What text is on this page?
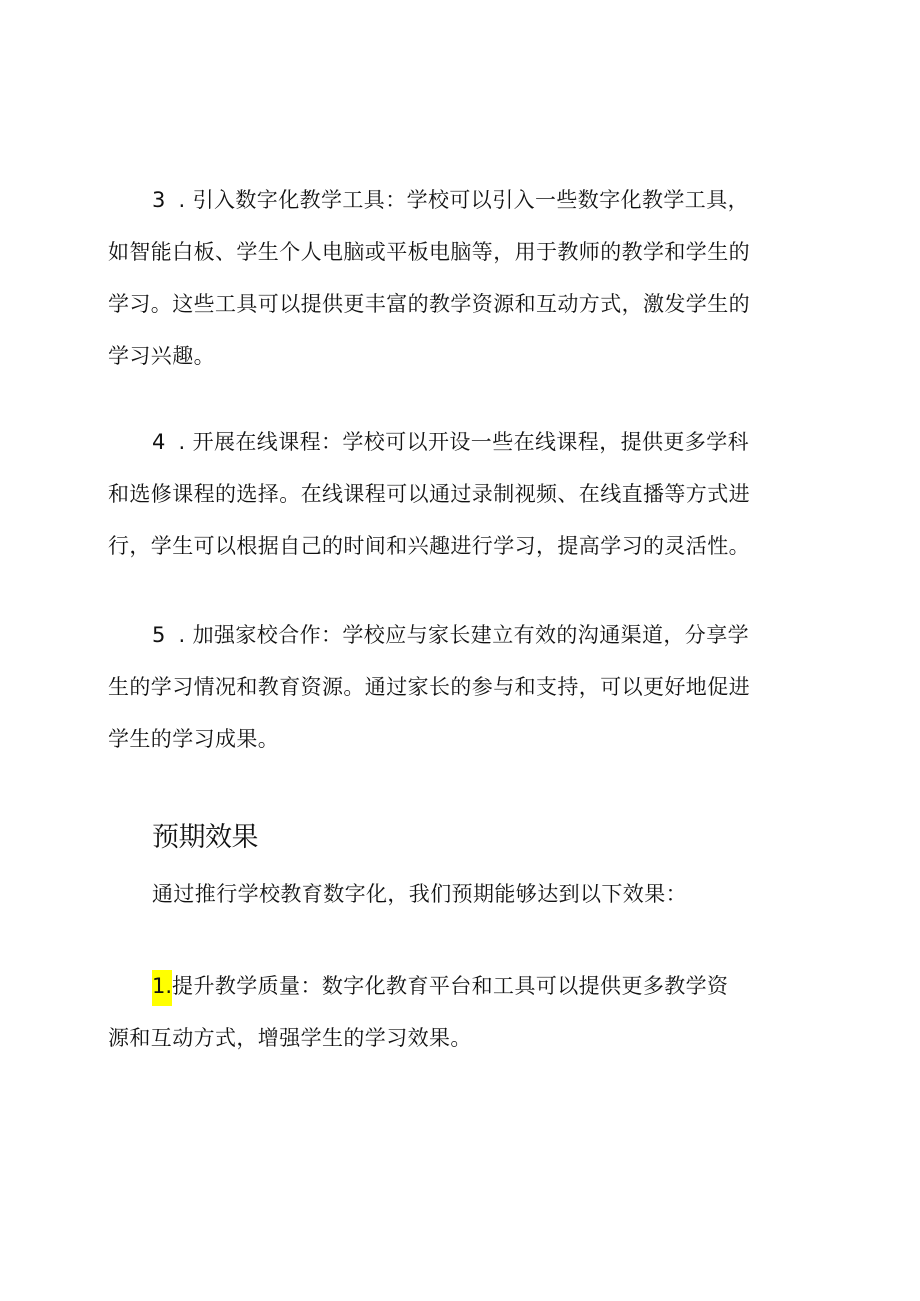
3 . 引入数字化教学工具：学校可以引入一些数字化教学工具，
如智能白板、学生个人电脑或平板电脑等，用于教师的教学和学生的
学习。这些工具可以提供更丰富的教学资源和互动方式，激发学生的
学习兴趣。
4 . 开展在线课程：学校可以开设一些在线课程，提供更多学科
和选修课程的选择。在线课程可以通过录制视频、在线直播等方式进
行，学生可以根据自己的时间和兴趣进行学习，提高学习的灵活性。
5 . 加强家校合作：学校应与家长建立有效的沟通渠道，分享学
生的学习情况和教育资源。通过家长的参与和支持，可以更好地促进
学生的学习成果。
预期效果
通过推行学校教育数字化，我们预期能够达到以下效果：
1.提升教学质量：数字化教育平台和工具可以提供更多教学资
源和互动方式，增强学生的学习效果。
